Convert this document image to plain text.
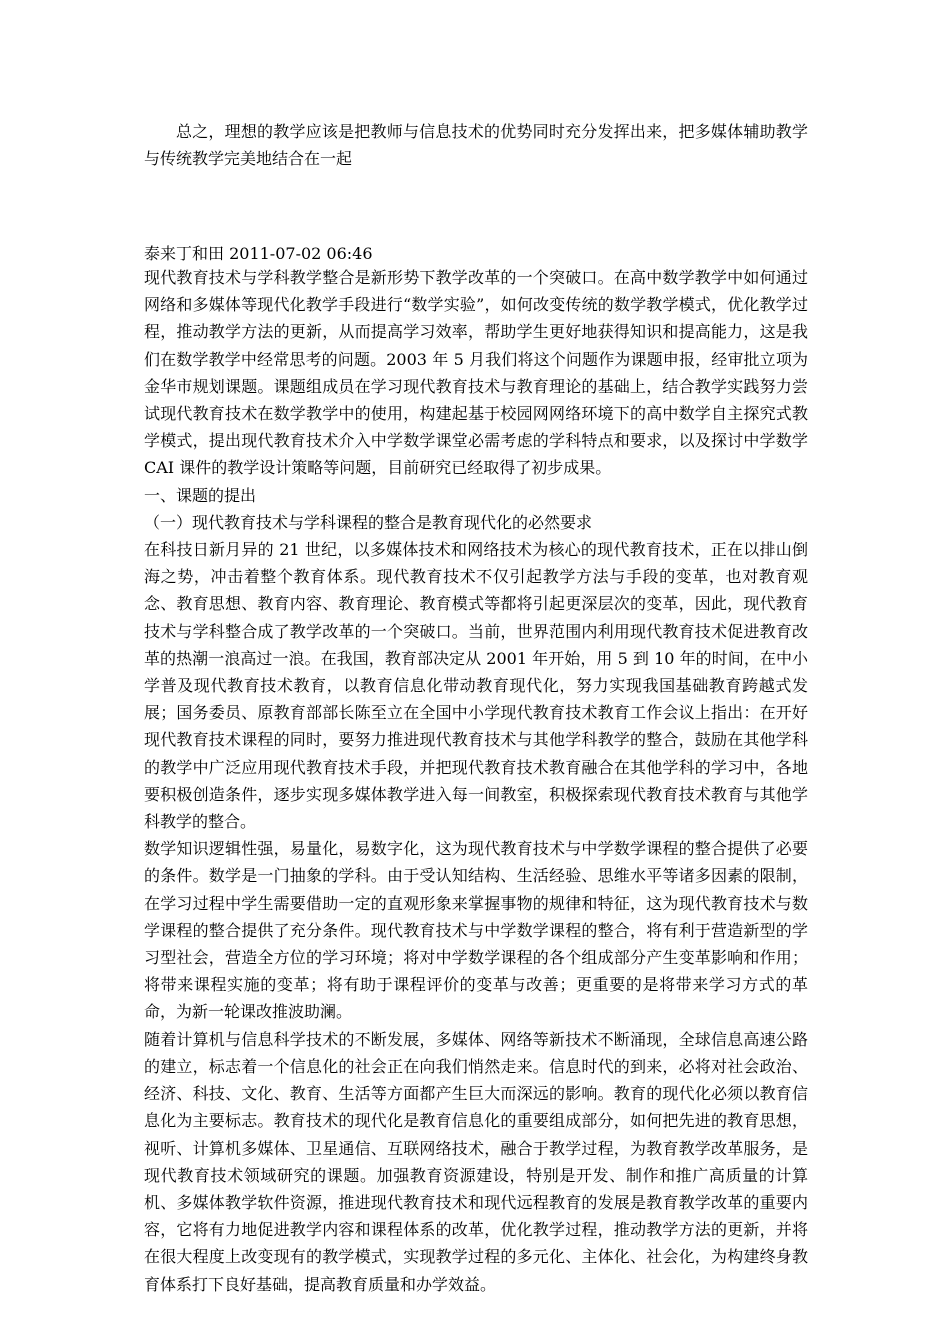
总之，理想的教学应该是把教师与信息技术的优势同时充分发挥出来，把多媒体辅助教学与传统教学完美地结合在一起

泰来丁和田 2011-07-02 06:46

现代教育技术与学科教学整合是新形势下教学改革的一个突破口。在高中数学教学中如何通过网络和多媒体等现代化教学手段进行“数学实验”，如何改变传统的数学教学模式，优化教学过程，推动教学方法的更新，从而提高学习效率，帮助学生更好地获得知识和提高能力，这是我们在数学教学中经常思考的问题。2003 年 5 月我们将这个问题作为课题申报，经审批立项为金华市规划课题。课题组成员在学习现代教育技术与教育理论的基础上，结合教学实践努力尝试现代教育技术在数学教学中的使用，构建起基于校园网网络环境下的高中数学自主探究式教学模式，提出现代教育技术介入中学数学课堂必需考虑的学科特点和要求，以及探讨中学数学 CAI 课件的教学设计策略等问题，目前研究已经取得了初步成果。

一、课题的提出

（一）现代教育技术与学科课程的整合是教育现代化的必然要求

在科技日新月异的 21 世纪，以多媒体技术和网络技术为核心的现代教育技术，正在以排山倒海之势，冲击着整个教育体系。现代教育技术不仅引起教学方法与手段的变革，也对教育观念、教育思想、教育内容、教育理论、教育模式等都将引起更深层次的变革，因此，现代教育技术与学科整合成了教学改革的一个突破口。当前，世界范围内利用现代教育技术促进教育改革的热潮一浪高过一浪。在我国，教育部决定从 2001 年开始，用 5 到 10 年的时间，在中小学普及现代教育技术教育，以教育信息化带动教育现代化，努力实现我国基础教育跨越式发展；国务委员、原教育部部长陈至立在全国中小学现代教育技术教育工作会议上指出：在开好现代教育技术课程的同时，要努力推进现代教育技术与其他学科教学的整合，鼓励在其他学科的教学中广泛应用现代教育技术手段，并把现代教育技术教育融合在其他学科的学习中，各地要积极创造条件，逐步实现多媒体教学进入每一间教室，积极探索现代教育技术教育与其他学科教学的整合。

数学知识逻辑性强，易量化，易数字化，这为现代教育技术与中学数学课程的整合提供了必要的条件。数学是一门抽象的学科。由于受认知结构、生活经验、思维水平等诸多因素的限制，在学习过程中学生需要借助一定的直观形象来掌握事物的规律和特征，这为现代教育技术与数学课程的整合提供了充分条件。现代教育技术与中学数学课程的整合，将有利于营造新型的学习型社会，营造全方位的学习环境；将对中学数学课程的各个组成部分产生变革影响和作用；将带来课程实施的变革；将有助于课程评价的变革与改善；更重要的是将带来学习方式的革命，为新一轮课改推波助澜。

随着计算机与信息科学技术的不断发展，多媒体、网络等新技术不断涌现，全球信息高速公路的建立，标志着一个信息化的社会正在向我们悄然走来。信息时代的到来，必将对社会政治、经济、科技、文化、教育、生活等方面都产生巨大而深远的影响。教育的现代化必须以教育信息化为主要标志。教育技术的现代化是教育信息化的重要组成部分，如何把先进的教育思想，视听、计算机多媒体、卫星通信、互联网络技术，融合于教学过程，为教育教学改革服务，是现代教育技术领域研究的课题。加强教育资源建设，特别是开发、制作和推广高质量的计算机、多媒体教学软件资源，推进现代教育技术和现代远程教育的发展是教育教学改革的重要内容，它将有力地促进教学内容和课程体系的改革，优化教学过程，推动教学方法的更新，并将在很大程度上改变现有的教学模式，实现教学过程的多元化、主体化、社会化，为构建终身教育体系打下良好基础，提高教育质量和办学效益。
